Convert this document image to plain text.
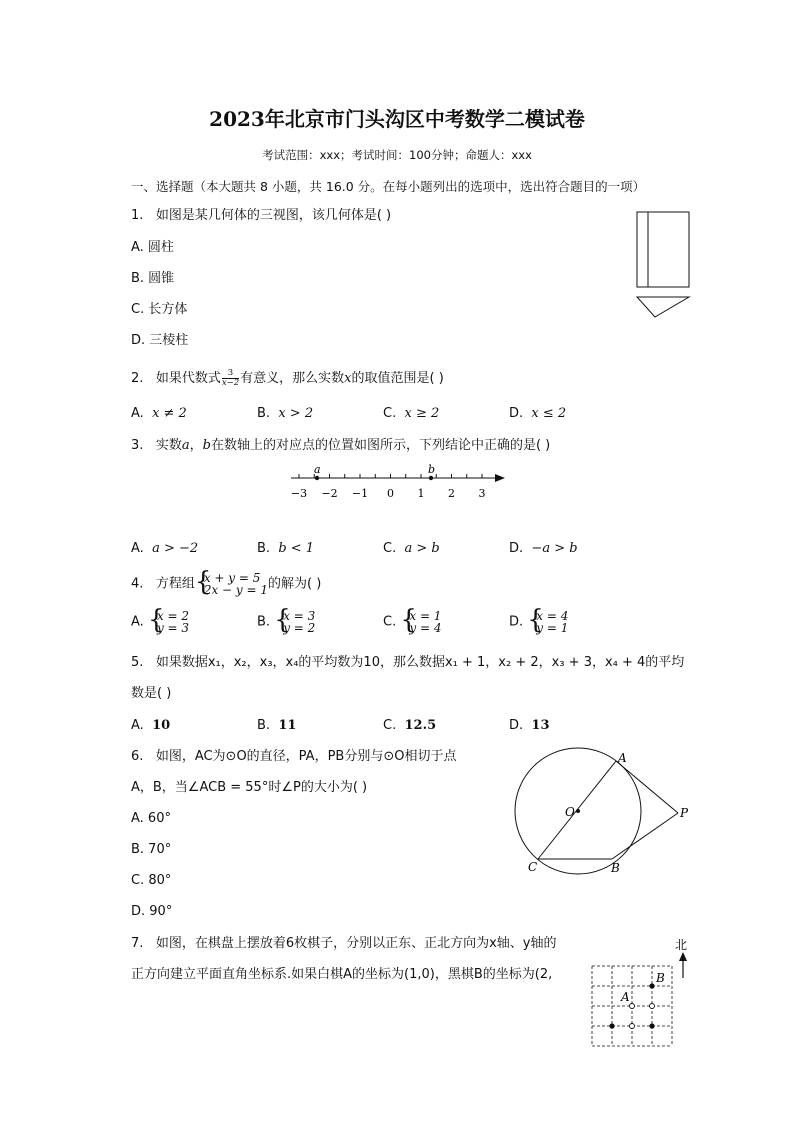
2023年北京市门头沟区中考数学二模试卷
考试范围：xxx；考试时间：100分钟；命题人：xxx
一、选择题（本大题共 8 小题，共 16.0 分。在每小题列出的选项中，选出符合题目的一项）
1. 如图是某几何体的三视图，该几何体是( )
A. 圆柱
B. 圆锥
C. 长方体
D. 三棱柱
2. 如果代数式 $\frac{3}{x-2}$ 有意义，那么实数x的取值范围是( )
A. x ≠ 2	B. x > 2	C. x ≥ 2	D. x ≤ 2
3. 实数a，b在数轴上的对应点的位置如图所示，下列结论中正确的是( )
−3 −2 −1 0 1 2 3
a	b
A. a > −2	B. b < 1	C. a > b	D. −a > b
4. 方程组 {
x + y = 5
2x − y = 1 的解为( )
A. {
x = 2
y = 3	B. {
x = 3
y = 2	C. {
x = 1
y = 4	D. {
x = 4
y = 1
5. 如果数据x₁，x₂，x₃，x₄的平均数为10，那么数据x₁ + 1，x₂ + 2，x₃ + 3，x₄ + 4的平均
数是( )
A. 10	B. 11	C. 12.5	D. 13
6. 如图，AC为⊙O的直径，PA，PB分别与⊙O相切于点
A，B，当∠ACB = 55°时∠P的大小为( )
A. 60°
B. 70°
C. 80°
D. 90°
A
O	P
C	B
7. 如图，在棋盘上摆放着6枚棋子，分别以正东、正北方向为x轴、y轴的
正方向建立平面直角坐标系.如果白棋A的坐标为(1,0)，黑棋B的坐标为(2,
北
A
B
